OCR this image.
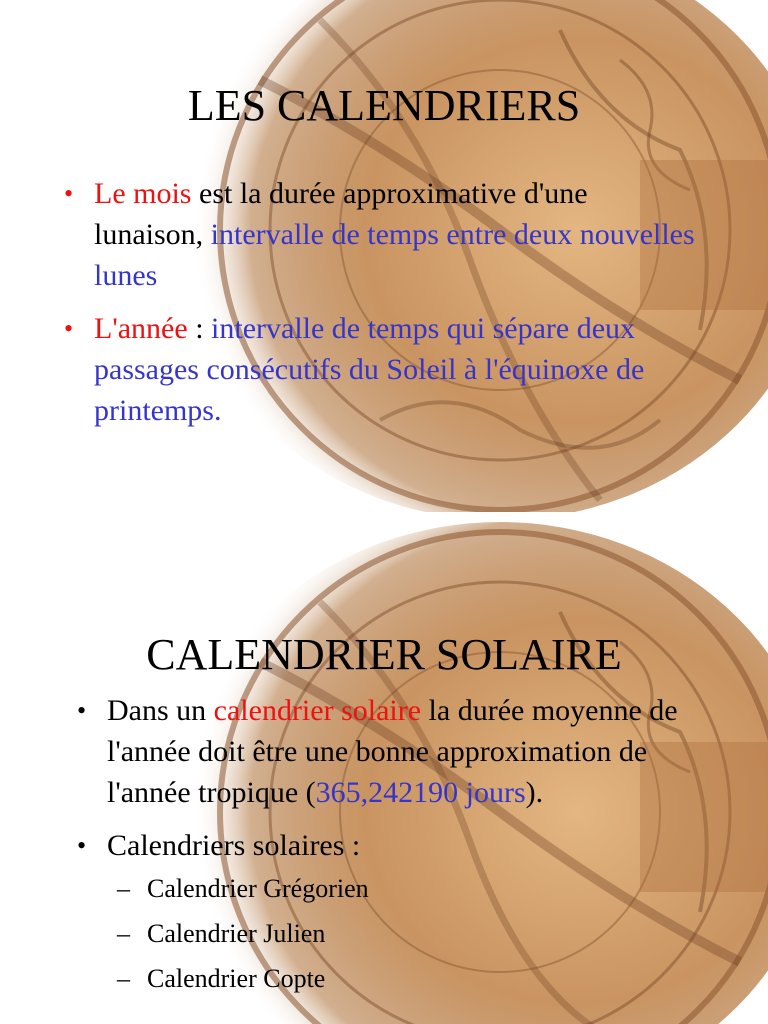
LES CALENDRIERS
• Le mois est la durée approximative d'une lunaison, intervalle de temps entre deux nouvelles lunes
• L'année : intervalle de temps qui sépare deux passages consécutifs du Soleil à l'équinoxe de printemps.
CALENDRIER SOLAIRE
• Dans un calendrier solaire la durée moyenne de l'année doit être une bonne approximation de l'année tropique (365,242190 jours).
• Calendriers solaires :
– Calendrier Grégorien
– Calendrier Julien
– Calendrier Copte
